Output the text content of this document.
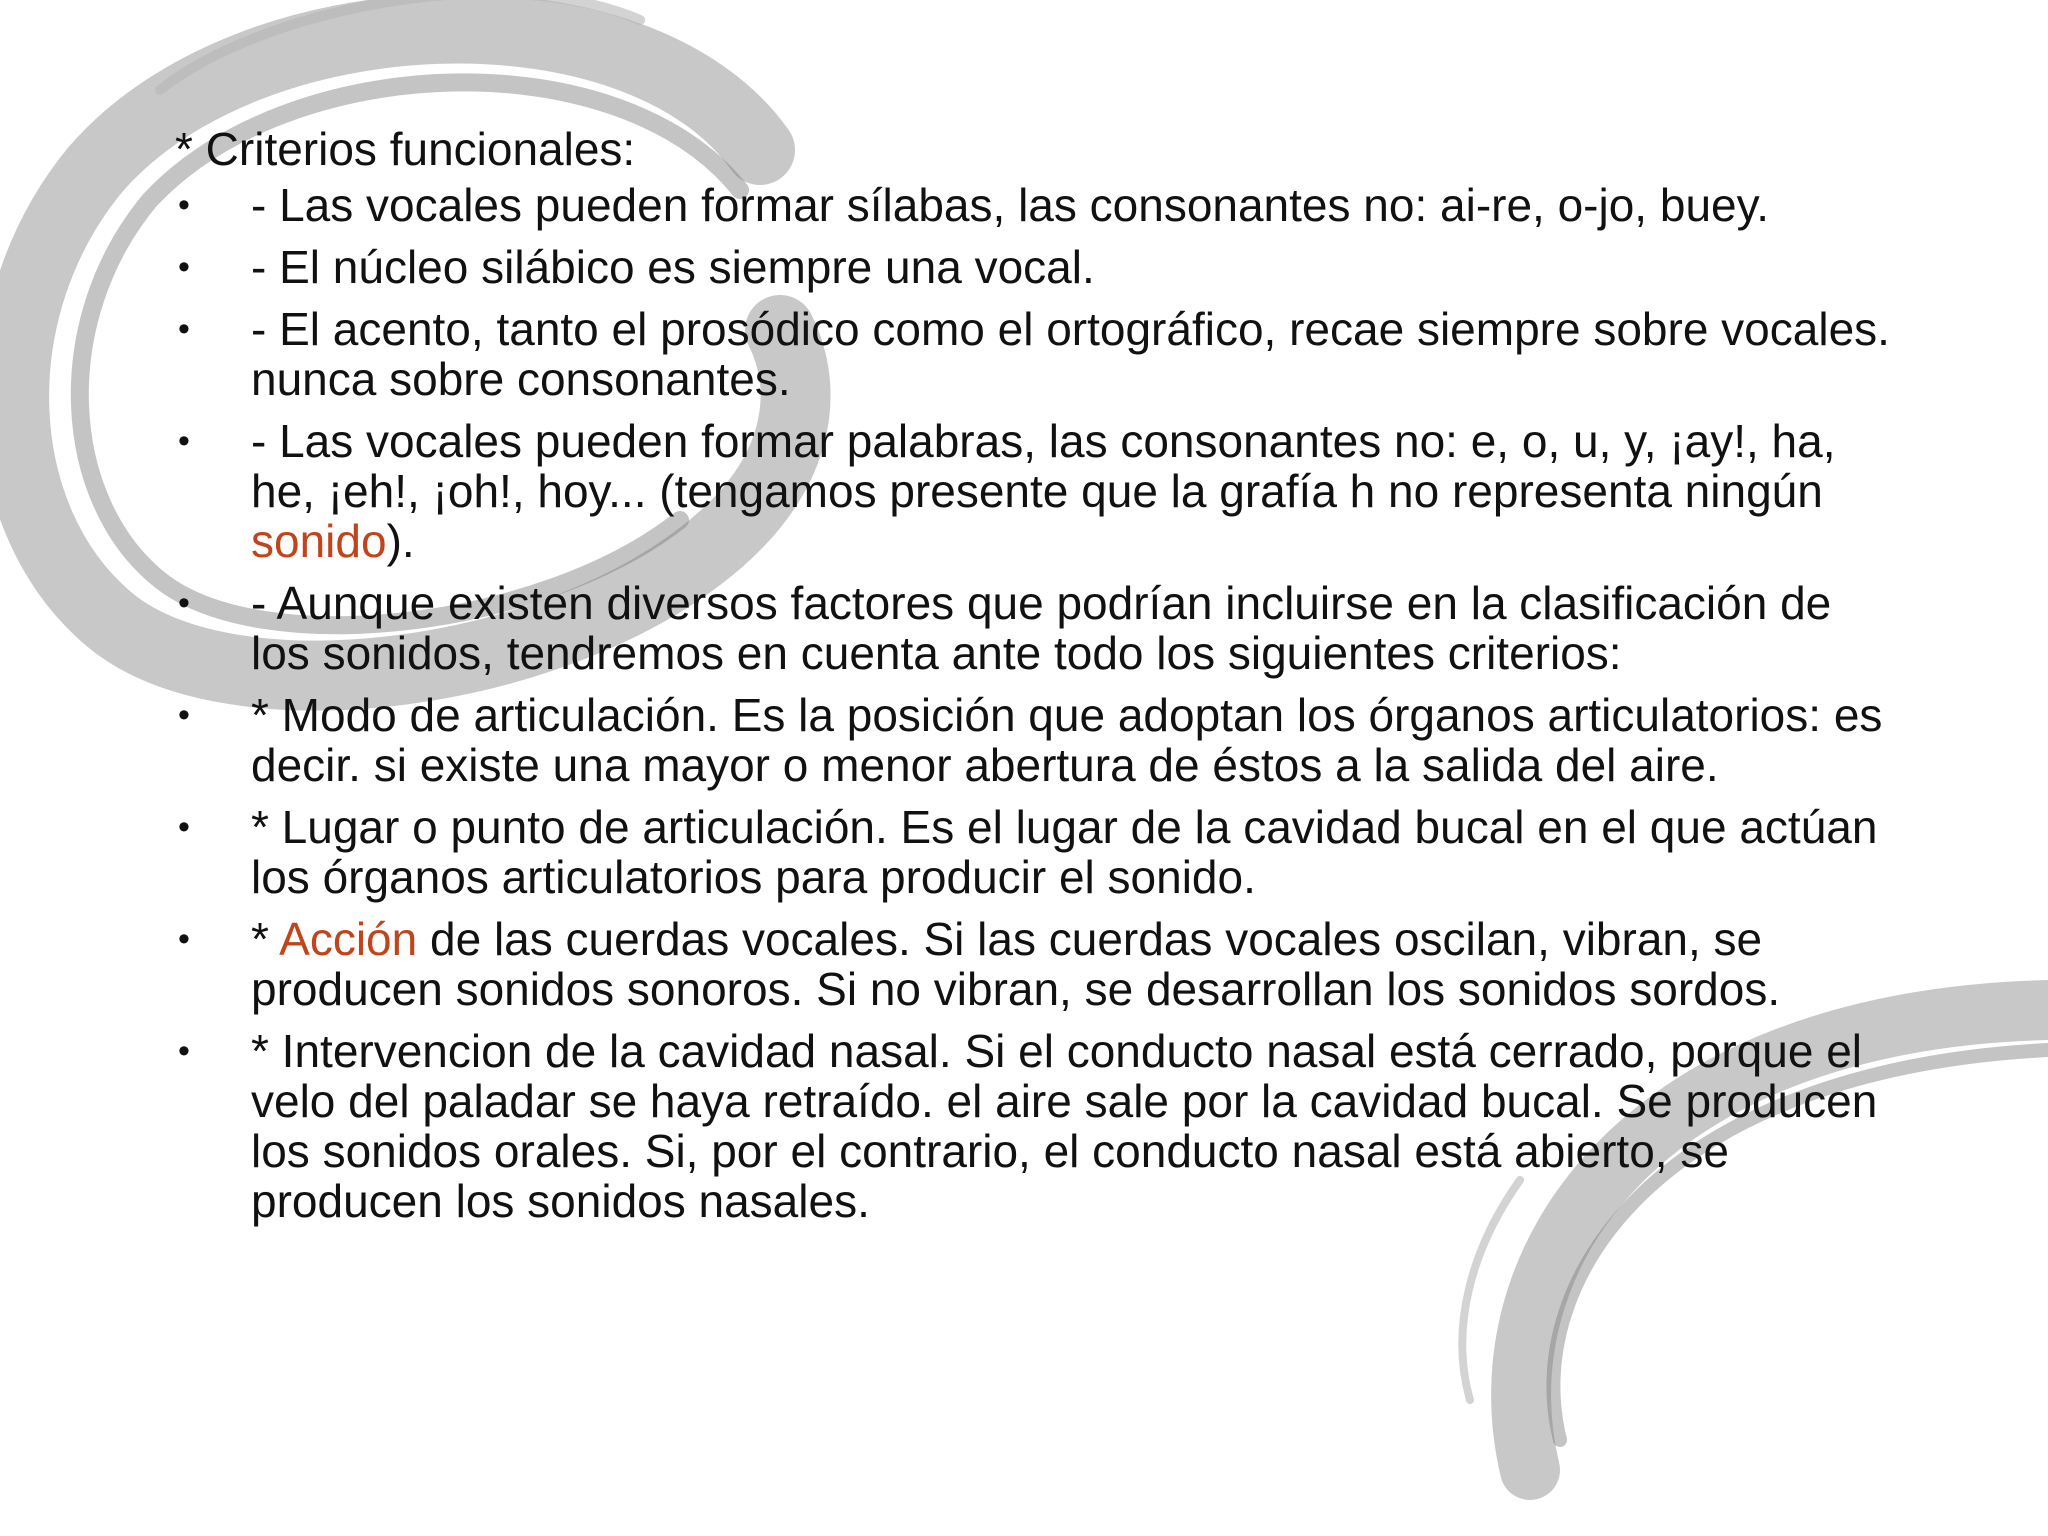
* Criterios funcionales:
• - Las vocales pueden formar sílabas, las consonantes no: ai-re, o-jo, buey.
• - El núcleo silábico es siempre una vocal.
• - El acento, tanto el prosódico como el ortográfico, recae siempre sobre vocales. nunca sobre consonantes.
• - Las vocales pueden formar palabras, las consonantes no: e, o, u, y, ¡ay!, ha, he, ¡eh!, ¡oh!, hoy... (tengamos presente que la grafía h no representa ningún sonido).
• - Aunque existen diversos factores que podrían incluirse en la clasificación de los sonidos, tendremos en cuenta ante todo los siguientes criterios:
• * Modo de articulación. Es la posición que adoptan los órganos articulatorios: es decir. si existe una mayor o menor abertura de éstos a la salida del aire.
• * Lugar o punto de articulación. Es el lugar de la cavidad bucal en el que actúan los órganos articulatorios para producir el sonido.
• * Acción de las cuerdas vocales. Si las cuerdas vocales oscilan, vibran, se producen sonidos sonoros. Si no vibran, se desarrollan los sonidos sordos.
• * Intervencion de la cavidad nasal. Si el conducto nasal está cerrado, porque el velo del paladar se haya retraído. el aire sale por la cavidad bucal. Se producen los sonidos orales. Si, por el contrario, el conducto nasal está abierto, se producen los sonidos nasales.
